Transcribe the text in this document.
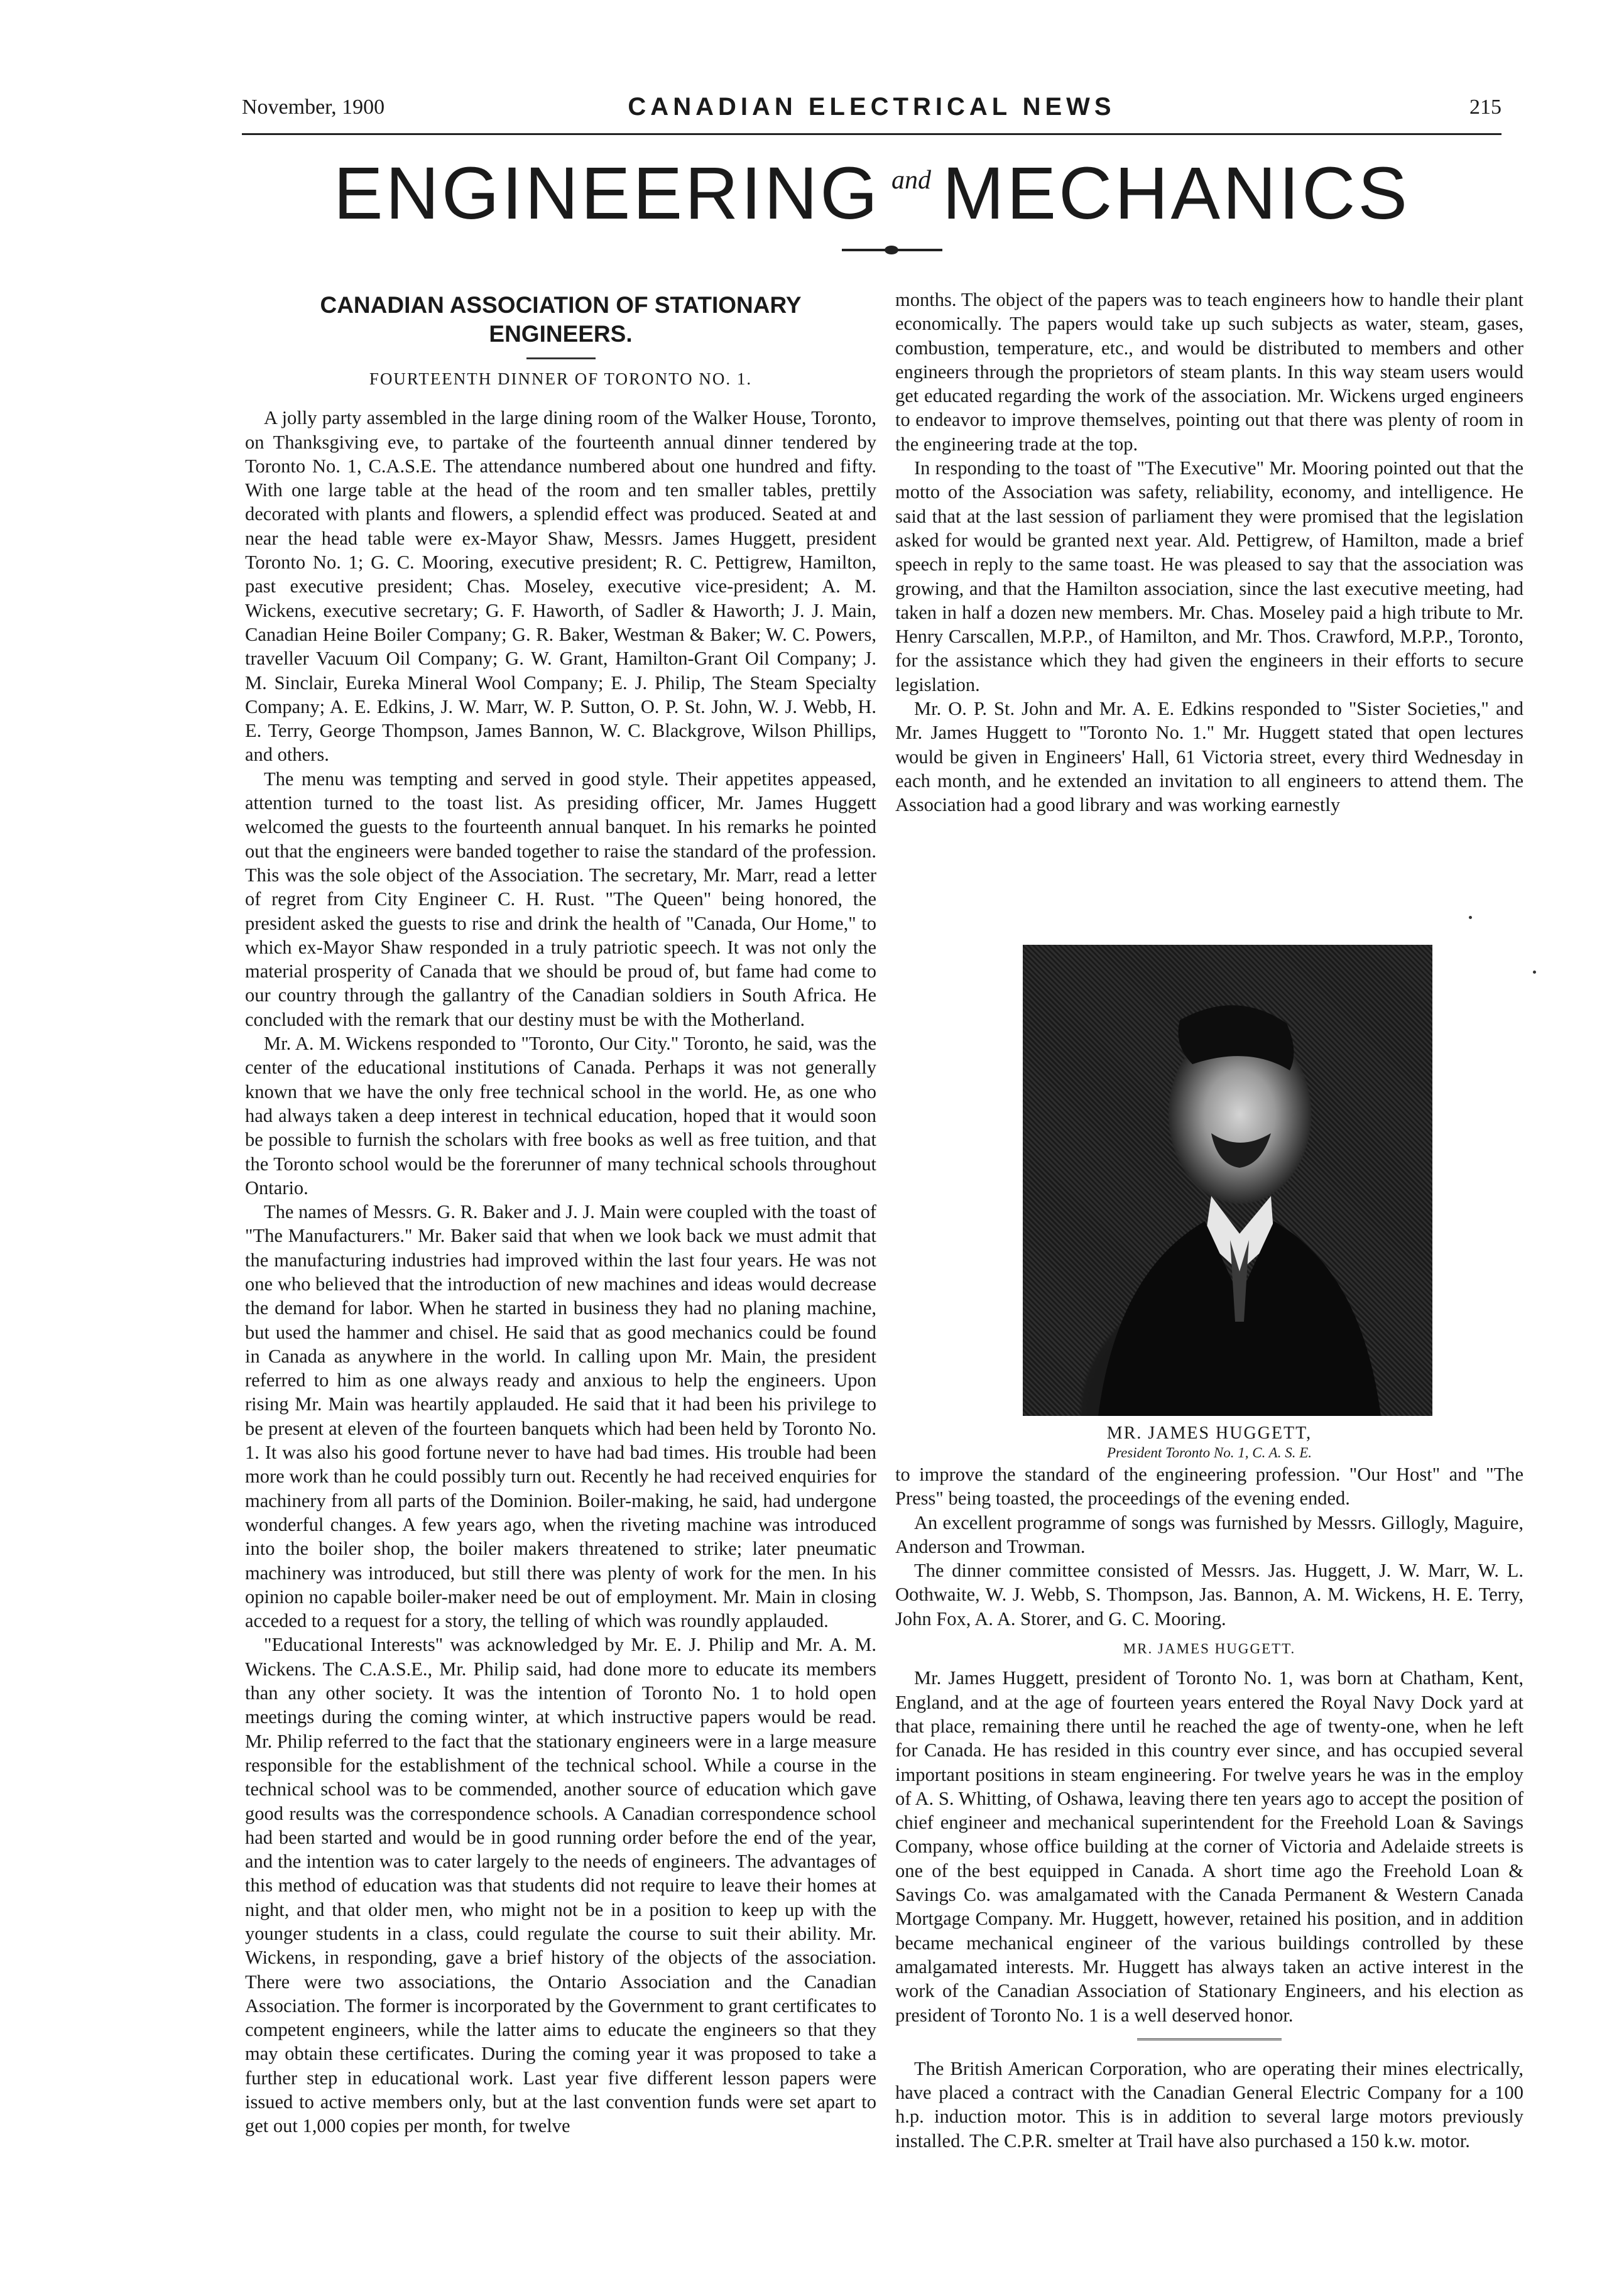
November, 1900	CANADIAN ELECTRICAL NEWS	215
ENGINEERING and MECHANICS
CANADIAN ASSOCIATION OF STATIONARY ENGINEERS.
FOURTEENTH DINNER OF TORONTO NO. 1.

A jolly party assembled in the large dining room of the Walker House, Toronto, on Thanksgiving eve, to partake of the fourteenth annual dinner tendered by Toronto No. 1, C.A.S.E. The attendance numbered about one hundred and fifty. With one large table at the head of the room and ten smaller tables, prettily decorated with plants and flowers, a splendid effect was produced. Seated at and near the head table were ex-Mayor Shaw, Messrs. James Huggett, president Toronto No. 1; G. C. Mooring, executive president; R. C. Pettigrew, Hamilton, past executive president; Chas. Moseley, executive vice-president; A. M. Wickens, executive secretary; G. F. Haworth, of Sadler & Haworth; J. J. Main, Canadian Heine Boiler Company; G. R. Baker, Westman & Baker; W. C. Powers, traveller Vacuum Oil Company; G. W. Grant, Hamilton-Grant Oil Company; J. M. Sinclair, Eureka Mineral Wool Company; E. J. Philip, The Steam Specialty Company; A. E. Edkins, J. W. Marr, W. P. Sutton, O. P. St. John, W. J. Webb, H. E. Terry, George Thompson, James Bannon, W. C. Blackgrove, Wilson Phillips, and others.

The menu was tempting and served in good style. Their appetites appeased, attention turned to the toast list. As presiding officer, Mr. James Huggett welcomed the guests to the fourteenth annual banquet. In his remarks he pointed out that the engineers were banded together to raise the standard of the profession. This was the sole object of the Association. The secretary, Mr. Marr, read a letter of regret from City Engineer C. H. Rust. "The Queen" being honored, the president asked the guests to rise and drink the health of "Canada, Our Home," to which ex-Mayor Shaw responded in a truly patriotic speech. It was not only the material prosperity of Canada that we should be proud of, but fame had come to our country through the gallantry of the Canadian soldiers in South Africa. He concluded with the remark that our destiny must be with the Motherland.

Mr. A. M. Wickens responded to "Toronto, Our City." Toronto, he said, was the center of the educational institutions of Canada. Perhaps it was not generally known that we have the only free technical school in the world. He, as one who had always taken a deep interest in technical education, hoped that it would soon be possible to furnish the scholars with free books as well as free tuition, and that the Toronto school would be the forerunner of many technical schools throughout Ontario.

The names of Messrs. G. R. Baker and J. J. Main were coupled with the toast of "The Manufacturers." Mr. Baker said that when we look back we must admit that the manufacturing industries had improved within the last four years. He was not one who believed that the introduction of new machines and ideas would decrease the demand for labor. When he started in business they had no planing machine, but used the hammer and chisel. He said that as good mechanics could be found in Canada as anywhere in the world. In calling upon Mr. Main, the president referred to him as one always ready and anxious to help the engineers. Upon rising Mr. Main was heartily applauded. He said that it had been his privilege to be present at eleven of the fourteen banquets which had been held by Toronto No. 1. It was also his good fortune never to have had bad times. His trouble had been more work than he could possibly turn out. Recently he had received enquiries for machinery from all parts of the Dominion. Boiler-making, he said, had undergone wonderful changes. A few years ago, when the riveting machine was introduced into the boiler shop, the boiler makers threatened to strike; later pneumatic machinery was introduced, but still there was plenty of work for the men. In his opinion no capable boiler-maker need be out of employment. Mr. Main in closing acceded to a request for a story, the telling of which was roundly applauded.

"Educational Interests" was acknowledged by Mr. E. J. Philip and Mr. A. M. Wickens. The C.A.S.E., Mr. Philip said, had done more to educate its members than any other society. It was the intention of Toronto No. 1 to hold open meetings during the coming winter, at which instructive papers would be read. Mr. Philip referred to the fact that the stationary engineers were in a large measure responsible for the establishment of the technical school. While a course in the technical school was to be commended, another source of education which gave good results was the correspondence schools. A Canadian correspondence school had been started and would be in good running order before the end of the year, and the intention was to cater largely to the needs of engineers. The advantages of this method of education was that students did not require to leave their homes at night, and that older men, who might not be in a position to keep up with the younger students in a class, could regulate the course to suit their ability. Mr. Wickens, in responding, gave a brief history of the objects of the association. There were two associations, the Ontario Association and the Canadian Association. The former is incorporated by the Government to grant certificates to competent engineers, while the latter aims to educate the engineers so that they may obtain these certificates. During the coming year it was proposed to take a further step in educational work. Last year five different lesson papers were issued to active members only, but at the last convention funds were set apart to get out 1,000 copies per month, for twelve

months. The object of the papers was to teach engineers how to handle their plant economically. The papers would take up such subjects as water, steam, gases, combustion, temperature, etc., and would be distributed to members and other engineers through the proprietors of steam plants. In this way steam users would get educated regarding the work of the association. Mr. Wickens urged engineers to endeavor to improve themselves, pointing out that there was plenty of room in the engineering trade at the top.

In responding to the toast of "The Executive" Mr. Mooring pointed out that the motto of the Association was safety, reliability, economy, and intelligence. He said that at the last session of parliament they were promised that the legislation asked for would be granted next year. Ald. Pettigrew, of Hamilton, made a brief speech in reply to the same toast. He was pleased to say that the association was growing, and that the Hamilton association, since the last executive meeting, had taken in half a dozen new members. Mr. Chas. Moseley paid a high tribute to Mr. Henry Carscallen, M.P.P., of Hamilton, and Mr. Thos. Crawford, M.P.P., Toronto, for the assistance which they had given the engineers in their efforts to secure legislation.

Mr. O. P. St. John and Mr. A. E. Edkins responded to "Sister Societies," and Mr. James Huggett to "Toronto No. 1." Mr. Huggett stated that open lectures would be given in Engineers' Hall, 61 Victoria street, every third Wednesday in each month, and he extended an invitation to all engineers to attend them. The Association had a good library and was working earnestly

MR. JAMES HUGGETT,
President Toronto No. 1, C. A. S. E.

to improve the standard of the engineering profession. "Our Host" and "The Press" being toasted, the proceedings of the evening ended.

An excellent programme of songs was furnished by Messrs. Gillogly, Maguire, Anderson and Trowman.

The dinner committee consisted of Messrs. Jas. Huggett, J. W. Marr, W. L. Oothwaite, W. J. Webb, S. Thompson, Jas. Bannon, A. M. Wickens, H. E. Terry, John Fox, A. A. Storer, and G. C. Mooring.

MR. JAMES HUGGETT.

Mr. James Huggett, president of Toronto No. 1, was born at Chatham, Kent, England, and at the age of fourteen years entered the Royal Navy Dock yard at that place, remaining there until he reached the age of twenty-one, when he left for Canada. He has resided in this country ever since, and has occupied several important positions in steam engineering. For twelve years he was in the employ of A. S. Whitting, of Oshawa, leaving there ten years ago to accept the position of chief engineer and mechanical superintendent for the Freehold Loan & Savings Company, whose office building at the corner of Victoria and Adelaide streets is one of the best equipped in Canada. A short time ago the Freehold Loan & Savings Co. was amalgamated with the Canada Permanent & Western Canada Mortgage Company. Mr. Huggett, however, retained his position, and in addition became mechanical engineer of the various buildings controlled by these amalgamated interests. Mr. Huggett has always taken an active interest in the work of the Canadian Association of Stationary Engineers, and his election as president of Toronto No. 1 is a well deserved honor.

The British American Corporation, who are operating their mines electrically, have placed a contract with the Canadian General Electric Company for a 100 h.p. induction motor. This is in addition to several large motors previously installed. The C.P.R. smelter at Trail have also purchased a 150 k.w. motor.
